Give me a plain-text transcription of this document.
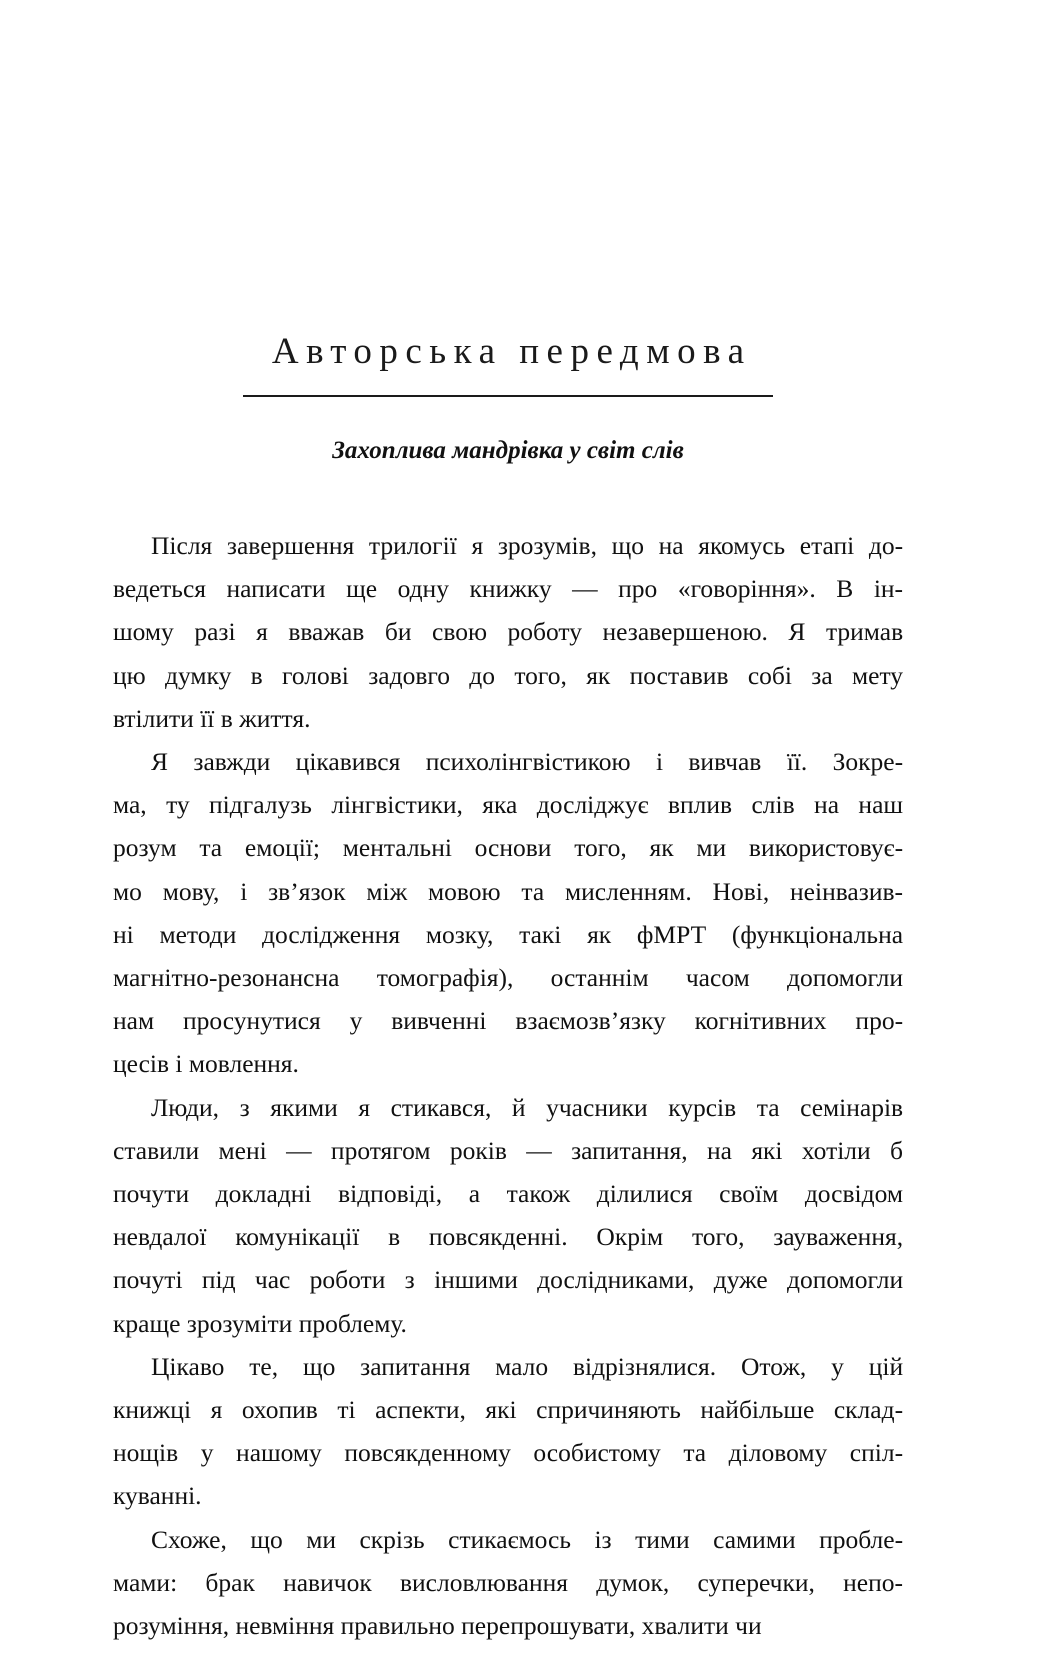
Авторська передмова
Захоплива мандрівка у світ слів

Після завершення трилогії я зрозумів, що на якомусь етапі до-
ведеться написати ще одну книжку — про «говоріння». В ін-
шому разі я вважав би свою роботу незавершеною. Я тримав
цю думку в голові задовго до того, як поставив собі за мету
втілити її в життя.

Я завжди цікавився психолінгвістикою і вивчав її. Зокре-
ма, ту підгалузь лінгвістики, яка досліджує вплив слів на наш
розум та емоції; ментальні основи того, як ми використовує-
мо мову, і зв’язок між мовою та мисленням. Нові, неінвазив-
ні методи дослідження мозку, такі як фМРТ (функціональна
магнітно-резонансна томографія), останнім часом допомогли
нам просунутися у вивченні взаємозв’язку когнітивних про-
цесів і мовлення.

Люди, з якими я стикався, й учасники курсів та семінарів
ставили мені — протягом років — запитання, на які хотіли б
почути докладні відповіді, а також ділилися своїм досвідом
невдалої комунікації в повсякденні. Окрім того, зауваження,
почуті під час роботи з іншими дослідниками, дуже допомогли
краще зрозуміти проблему.

Цікаво те, що запитання мало відрізнялися. Отож, у цій
книжці я охопив ті аспекти, які спричиняють найбільше склад-
нощів у нашому повсякденному особистому та діловому спіл-
куванні.

Схоже, що ми скрізь стикаємось із тими самими пробле-
мами: брак навичок висловлювання думок, суперечки, непо-
розуміння, невміння правильно перепрошувати, хвалити чи
